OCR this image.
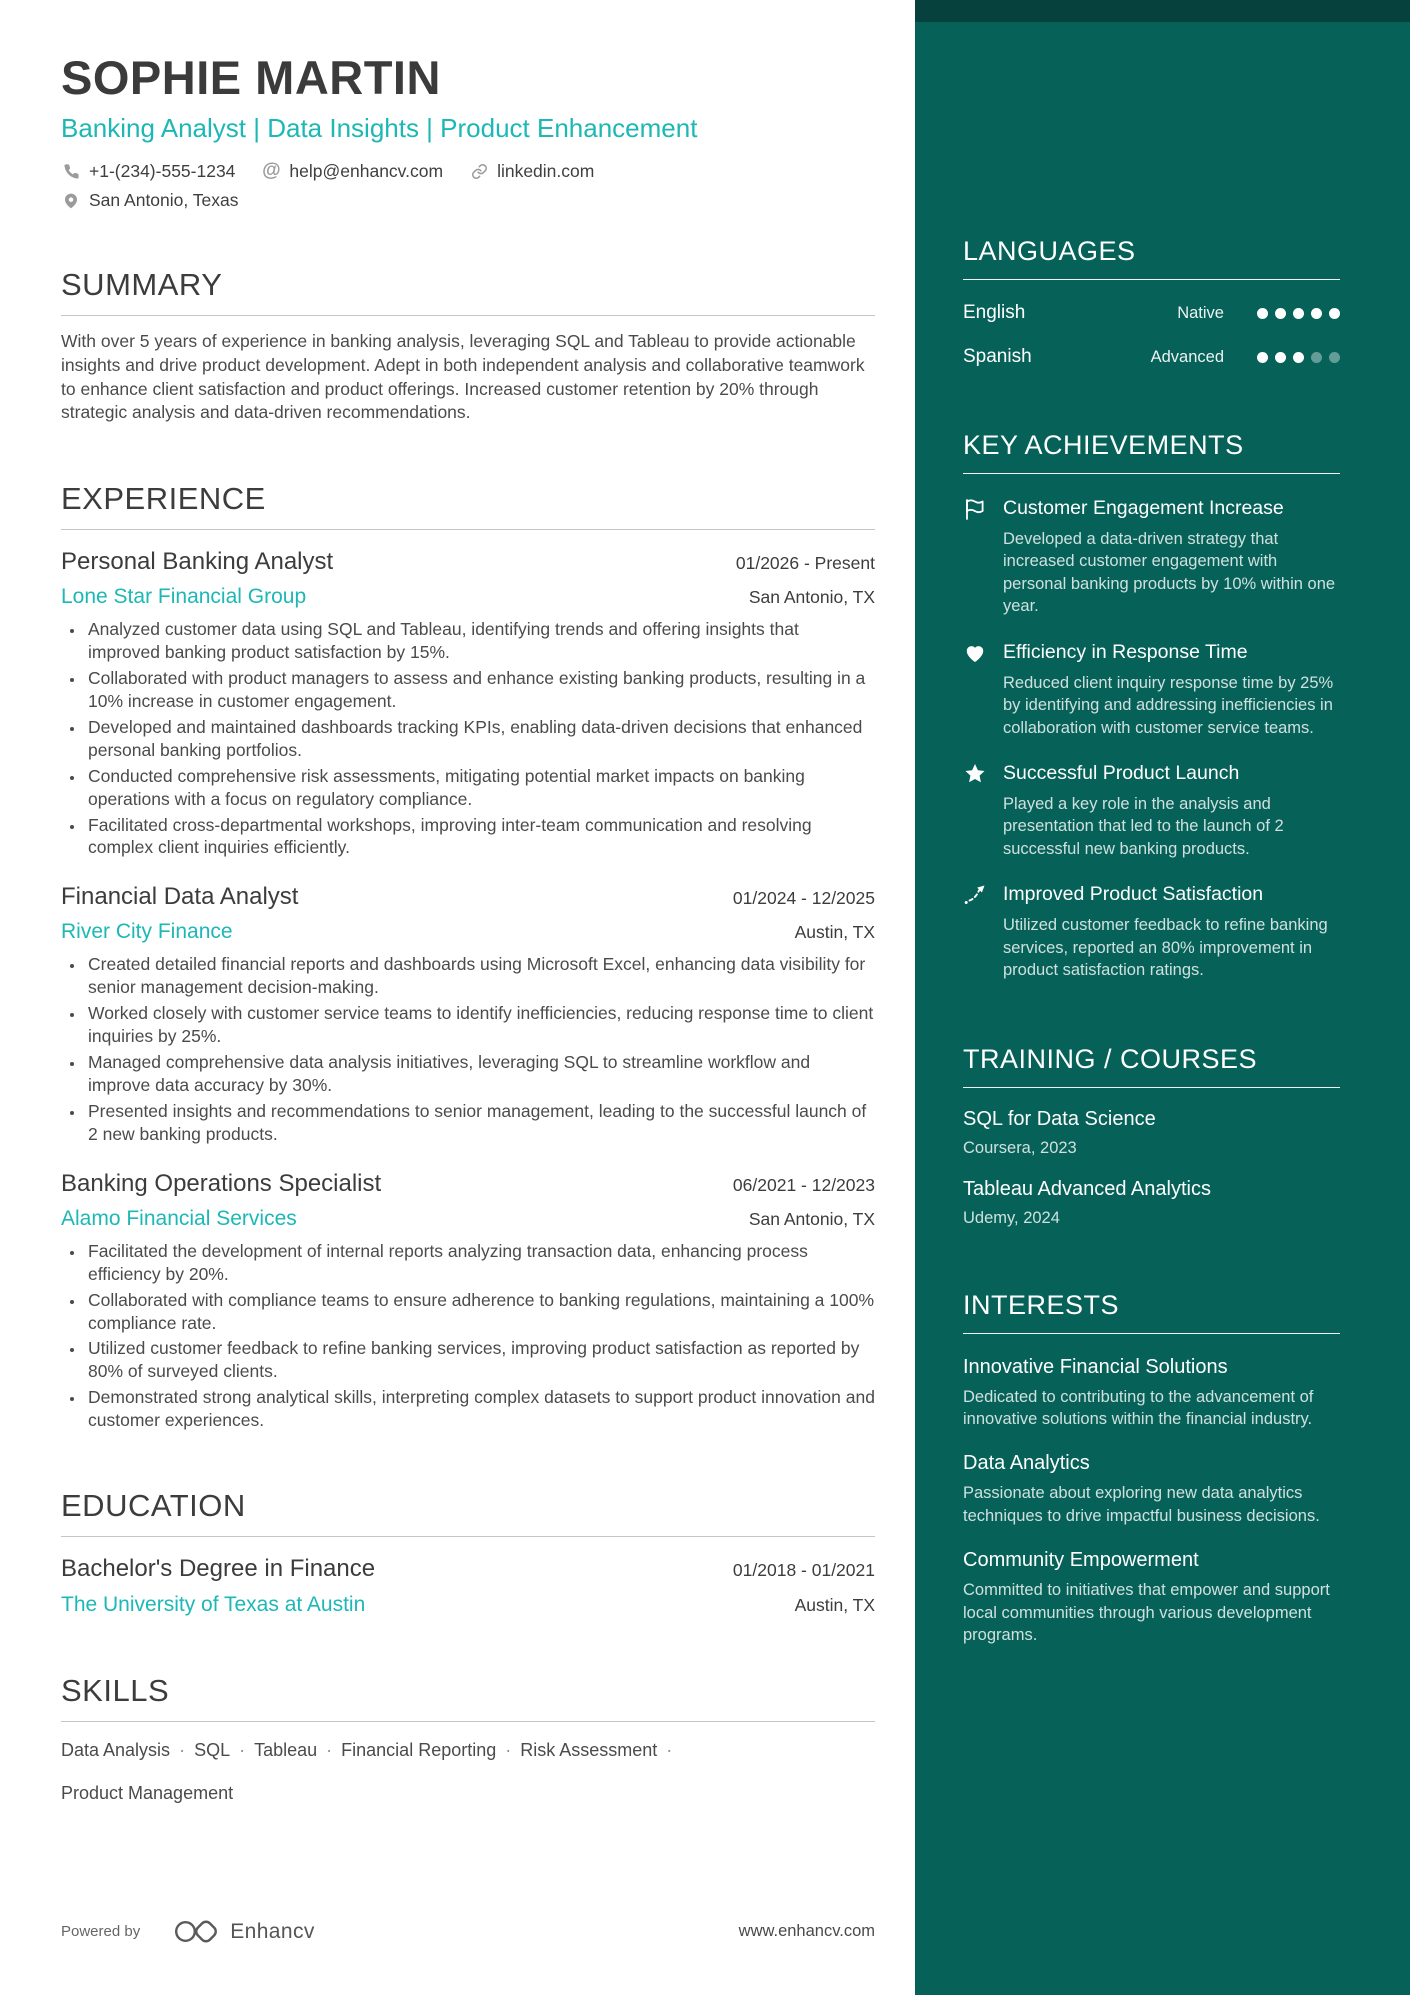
SOPHIE MARTIN
Banking Analyst | Data Insights | Product Enhancement
+1-(234)-555-1234 @ help@enhancv.com	linkedin.com
San Antonio, Texas
SUMMARY
With over 5 years of experience in banking analysis, leveraging SQL and Tableau to provide actionable insights and drive product development. Adept in both independent analysis and collaborative teamwork to enhance client satisfaction and product offerings. Increased customer retention by 20% through strategic analysis and data-driven recommendations.
EXPERIENCE
Personal Banking Analyst	01/2026 - Present
Lone Star Financial Group	San Antonio, TX
• Analyzed customer data using SQL and Tableau, identifying trends and offering insights that improved banking product satisfaction by 15%.
• Collaborated with product managers to assess and enhance existing banking products, resulting in a 10% increase in customer engagement.
• Developed and maintained dashboards tracking KPIs, enabling data-driven decisions that enhanced personal banking portfolios.
• Conducted comprehensive risk assessments, mitigating potential market impacts on banking operations with a focus on regulatory compliance.
• Facilitated cross-departmental workshops, improving inter-team communication and resolving complex client inquiries efficiently.
Financial Data Analyst	01/2024 - 12/2025
River City Finance	Austin, TX
• Created detailed financial reports and dashboards using Microsoft Excel, enhancing data visibility for senior management decision-making.
• Worked closely with customer service teams to identify inefficiencies, reducing response time to client inquiries by 25%.
• Managed comprehensive data analysis initiatives, leveraging SQL to streamline workflow and improve data accuracy by 30%.
• Presented insights and recommendations to senior management, leading to the successful launch of 2 new banking products.
Banking Operations Specialist	06/2021 - 12/2023
Alamo Financial Services	San Antonio, TX
• Facilitated the development of internal reports analyzing transaction data, enhancing process efficiency by 20%.
• Collaborated with compliance teams to ensure adherence to banking regulations, maintaining a 100% compliance rate.
• Utilized customer feedback to refine banking services, improving product satisfaction as reported by 80% of surveyed clients.
• Demonstrated strong analytical skills, interpreting complex datasets to support product innovation and customer experiences.
EDUCATION
Bachelor's Degree in Finance	01/2018 - 01/2021
The University of Texas at Austin	Austin, TX
SKILLS
Data Analysis ·	SQL ·	Tableau ·	Financial Reporting ·	Risk Assessment ·
Product Management
Powered by	Enhancv	www.enhancv.com
LANGUAGES
English	Native
Spanish	Advanced
KEY ACHIEVEMENTS
Customer Engagement Increase
Developed a data-driven strategy that increased customer engagement with personal banking products by 10% within one year.
Efficiency in Response Time
Reduced client inquiry response time by 25% by identifying and addressing inefficiencies in collaboration with customer service teams.
Successful Product Launch
Played a key role in the analysis and presentation that led to the launch of 2 successful new banking products.
Improved Product Satisfaction
Utilized customer feedback to refine banking services, reported an 80% improvement in product satisfaction ratings.
TRAINING / COURSES
SQL for Data Science
Coursera, 2023
Tableau Advanced Analytics
Udemy, 2024
INTERESTS
Innovative Financial Solutions
Dedicated to contributing to the advancement of innovative solutions within the financial industry.
Data Analytics
Passionate about exploring new data analytics techniques to drive impactful business decisions.
Community Empowerment
Committed to initiatives that empower and support local communities through various development programs.
